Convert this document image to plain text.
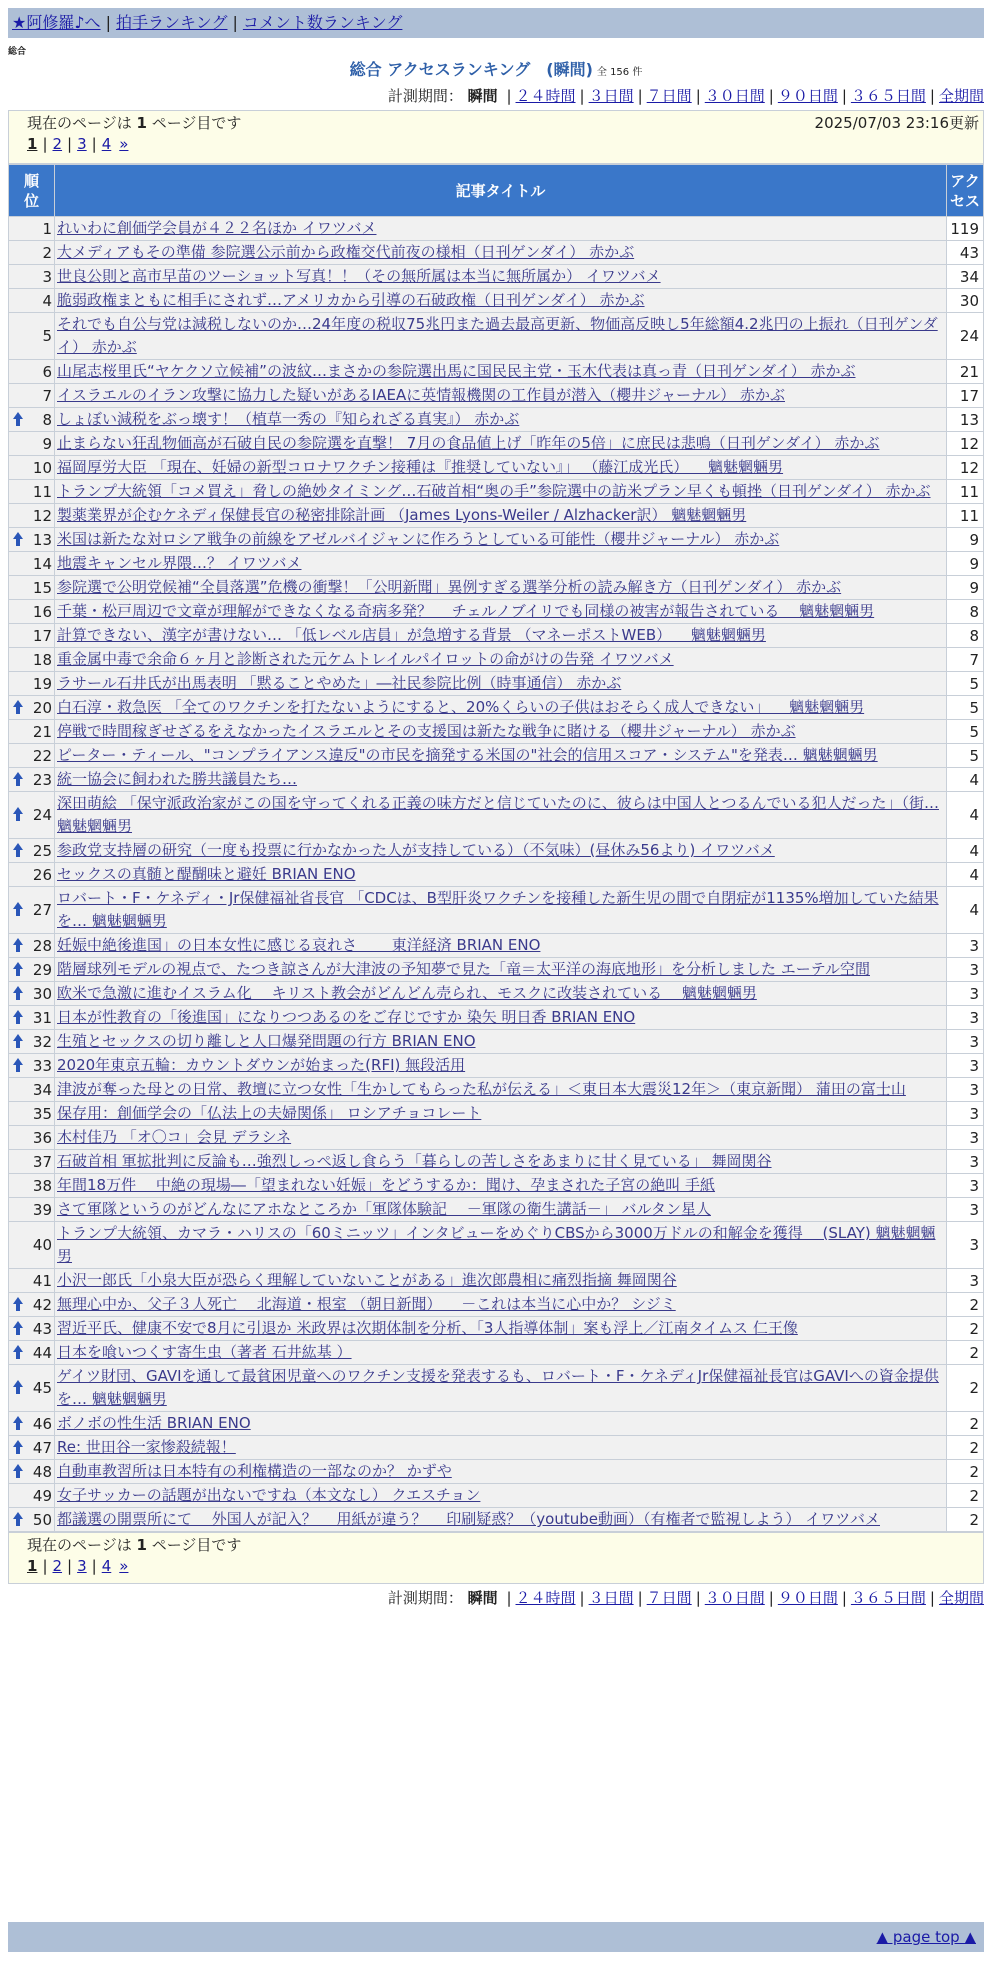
★阿修羅♪へ | 拍手ランキング | コメント数ランキング
総合
総合 アクセスランキング　(瞬間) 全 156 件
計測期間： 瞬間 | ２４時間 | ３日間 | ７日間 | ３０日間 | ９０日間 | ３６５日間 | 全期間
現在のページは 1 ページ目です	2025/07/03 23:16更新
1 | 2 | 3 | 4 »
順位	記事タイトル	アクセス
1	れいわに創価学会員が４２２名ほか イワツバメ	119
2	大メディアもその準備 参院選公示前から政権交代前夜の様相（日刊ゲンダイ） 赤かぶ	43
3	世良公則と高市早苗のツーショット写真！！（その無所属は本当に無所属か） イワツバメ	34
4	脆弱政権まともに相手にされず…アメリカから引導の石破政権（日刊ゲンダイ） 赤かぶ	30
5	それでも自公与党は減税しないのか…24年度の税収75兆円また過去最高更新、物価高反映し5年総額4.2兆円の上振れ（日刊ゲンダイ） 赤かぶ	24
6	山尾志桜里氏“ヤケクソ立候補”の波紋…まさかの参院選出馬に国民民主党・玉木代表は真っ青（日刊ゲンダイ） 赤かぶ	21
7	イスラエルのイラン攻撃に協力した疑いがあるIAEAに英情報機関の工作員が潜入（櫻井ジャーナル） 赤かぶ	17

8	しょぼい減税をぶっ壊す！（植草一秀の『知られざる真実』） 赤かぶ	13
9	止まらない狂乱物価高が石破自民の参院選を直撃！ 7月の食品値上げ「昨年の5倍」に庶民は悲鳴（日刊ゲンダイ） 赤かぶ	12
10	福岡厚労大臣 「現在、妊婦の新型コロナワクチン接種は『推奨していない』」 （藤江成光氏） 　魑魅魍魎男	12
11	トランプ大統領「コメ買え」脅しの絶妙タイミング…石破首相“奥の手”参院選中の訪米プラン早くも頓挫（日刊ゲンダイ） 赤かぶ	11
12	製薬業界が企むケネディ保健長官の秘密排除計画 （James Lyons-Weiler / Alzhacker訳） 魑魅魍魎男	11

13	米国は新たな対ロシア戦争の前線をアゼルバイジャンに作ろうとしている可能性（櫻井ジャーナル） 赤かぶ	9
14	地震キャンセル界隈…？ イワツバメ	9
15	参院選で公明党候補“全員落選”危機の衝撃！「公明新聞」異例すぎる選挙分析の読み解き方（日刊ゲンダイ） 赤かぶ	9
16	千葉・松戸周辺で文章が理解ができなくなる奇病多発？ 　チェルノブイリでも同様の被害が報告されている 　魑魅魍魎男	8
17	計算できない、漢字が書けない… 「低レベル店員」が急増する背景 （マネーポストWEB） 　魑魅魍魎男	8
18	重金属中毒で余命６ヶ月と診断された元ケムトレイルパイロットの命がけの告発 イワツバメ	7
19	ラサール石井氏が出馬表明 「黙ることやめた」―社民参院比例（時事通信） 赤かぶ	5

20	白石淳・救急医 「全てのワクチンを打たないようにすると、20%くらいの子供はおそらく成人できない」 　魑魅魍魎男	5
21	停戦で時間稼ぎせざるをえなかったイスラエルとその支援国は新たな戦争に賭ける（櫻井ジャーナル） 赤かぶ	5
22	ピーター・ティール、"コンプライアンス違反"の市民を摘発する米国の"社会的信用スコア・システム"を発表… 魑魅魍魎男	5

23	統一協会に飼われた勝共議員たち…	4

24	深田萌絵 「保守派政治家がこの国を守ってくれる正義の味方だと信じていたのに、彼らは中国人とつるんでいる犯人だった」（街… 魑魅魍魎男	4

25	参政党支持層の研究（一度も投票に行かなかった人が支持している）（不気味）(昼休み56より) イワツバメ	4
26	セックスの真髄と醍醐味と避妊 BRIAN ENO	4

27	ロバート・F・ケネディ・Jr保健福祉省長官 「CDCは、B型肝炎ワクチンを接種した新生児の間で自閉症が1135%増加していた結果を… 魑魅魍魎男	4

28	妊娠中絶後進国」の日本女性に感じる哀れさ 　　東洋経済 BRIAN ENO	3

29	階層球列モデルの視点で、たつき諒さんが大津波の予知夢で見た「竜＝太平洋の海底地形」を分析しました エーテル空間	3

30	欧米で急激に進むイスラム化 　キリスト教会がどんどん売られ、モスクに改装されている 　魑魅魍魎男	3

31	日本が性教育の「後進国」になりつつあるのをご存じですか 染矢 明日香 BRIAN ENO	3

32	生殖とセックスの切り離しと人口爆発問題の行方 BRIAN ENO	3

33	2020年東京五輪：カウントダウンが始まった(RFI) 無段活用	3
34	津波が奪った母との日常、教壇に立つ女性「生かしてもらった私が伝える」＜東日本大震災12年＞（東京新聞） 蒲田の富士山	3
35	保存用：創価学会の「仏法上の夫婦関係」 ロシアチョコレート	3
36	木村佳乃 「オ〇コ」会見 デラシネ	3
37	石破首相 軍拡批判に反論も…強烈しっぺ返し食らう「暮らしの苦しさをあまりに甘く見ている」 舞岡関谷	3
38	年間18万件 　中絶の現場―「望まれない妊娠」をどうするか：聞け、孕まされた子宮の絶叫 手紙	3
39	さて軍隊というのがどんなにアホなところか「軍隊体験記 　－軍隊の衛生講話－」 バルタン星人	3
40	トランプ大統領、カマラ・ハリスの「60ミニッツ」インタビューをめぐりCBSから3000万ドルの和解金を獲得 　(SLAY) 魑魅魍魎男	3
41	小沢一郎氏「小泉大臣が恐らく理解していないことがある」進次郎農相に痛烈指摘 舞岡関谷	3

42	無理心中か、父子３人死亡 　北海道・根室 （朝日新聞） 　－これは本当に心中か？ シジミ	2

43	習近平氏、健康不安で8月に引退か 米政界は次期体制を分析、「3人指導体制」案も浮上／江南タイムス 仁王像	2

44	日本を喰いつくす寄生虫（著者 石井紘基 ）	2

45	ゲイツ財団、GAVIを通して最貧困児童へのワクチン支援を発表するも、ロバート・F・ケネディJr保健福祉長官はGAVIへの資金提供を… 魑魅魍魎男	2

46	ボノボの性生活 BRIAN ENO	2

47	Re: 世田谷一家惨殺続報！	2

48	自動車教習所は日本特有の利権構造の一部なのか？ かずや	2
49	女子サッカーの話題が出ないですね（本文なし） クエスチョン	2

50	都議選の開票所にて 　外国人が記入？ 　用紙が違う？ 　印刷疑惑？（youtube動画）（有権者で監視しよう） イワツバメ	2
現在のページは 1 ページ目です
1 | 2 | 3 | 4 »
計測期間： 瞬間 | ２４時間 | ３日間 | ７日間 | ３０日間 | ９０日間 | ３６５日間 | 全期間
▲ page top ▲
